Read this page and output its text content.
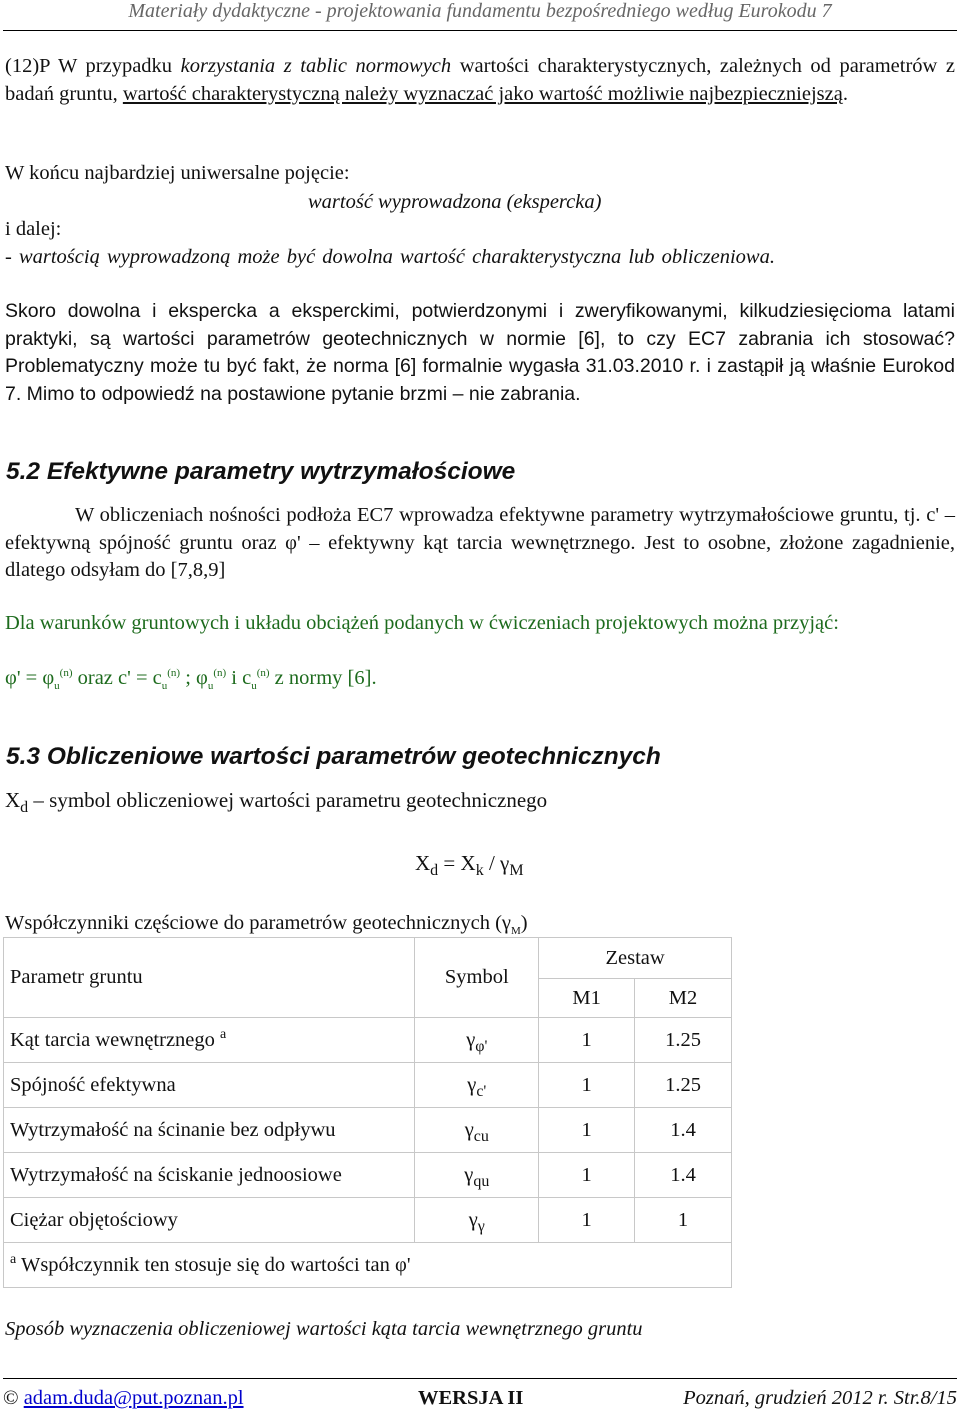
Materiały dydaktyczne - projektowania fundamentu bezpośredniego według Eurokodu 7

(12)P W przypadku korzystania z tablic normowych wartości charakterystycznych, zależnych od parametrów z badań gruntu, wartość charakterystyczną należy wyznaczać jako wartość możliwie najbezpieczniejszą.

W końcu najbardziej uniwersalne pojęcie:
wartość wyprowadzona (ekspercka)
i dalej:
- wartością wyprowadzoną może być dowolna wartość charakterystyczna lub obliczeniowa.

Skoro dowolna i ekspercka a eksperckimi, potwierdzonymi i zweryfikowanymi, kilkudziesięcioma latami praktyki, są wartości parametrów geotechnicznych w normie [6], to czy EC7 zabrania ich stosować? Problematyczny może tu być fakt, że norma [6] formalnie wygasła 31.03.2010 r. i zastąpił ją właśnie Eurokod 7. Mimo to odpowiedź na postawione pytanie brzmi – nie zabrania.

5.2 Efektywne parametry wytrzymałościowe

W obliczeniach nośności podłoża EC7 wprowadza efektywne parametry wytrzymałościowe gruntu, tj. c' – efektywną spójność gruntu oraz φ' – efektywny kąt tarcia wewnętrznego. Jest to osobne, złożone zagadnienie, dlatego odsyłam do [7,8,9]

Dla warunków gruntowych i układu obciążeń podanych w ćwiczeniach projektowych można przyjąć:

$\varphi' = \varphi_u^{(n)}$ oraz $c' = c_u^{(n)}$ ; $\varphi_u^{(n)}$ i $c_u^{(n)}$ z normy [6].
5.3 Obliczeniowe wartości parametrów geotechnicznych
$X_d$ – symbol obliczeniowej wartości parametru geotechnicznego
$X_d = X_k / \gamma_M$
Współczynniki częściowe do parametrów geotechnicznych $(\gamma_M)$
Parametr gruntu	Symbol	Zestaw	
		M1	M2
Kąt tarcia wewnętrznego $^a$	$\gamma_{\varphi'}$	1	1.25
Spójność efektywna	$\gamma_{c'}$	1	1.25
Wytrzymałość na ścinanie bez odpływu	$\gamma_{cu}$	1	1.4
Wytrzymałość na ściskanie jednoosiowe	$\gamma_{qu}$	1	1.4
Ciężar objętościowy	$\gamma_\gamma$	1	1
$^a$ Współczynnik ten stosuje się do wartości tan φ'			
Sposób wyznaczenia obliczeniowej wartości kąta tarcia wewnętrznego gruntu
© adam.duda@put.poznan.pl	WERSJA II	Poznań, grudzień 2012 r. Str.8/15
